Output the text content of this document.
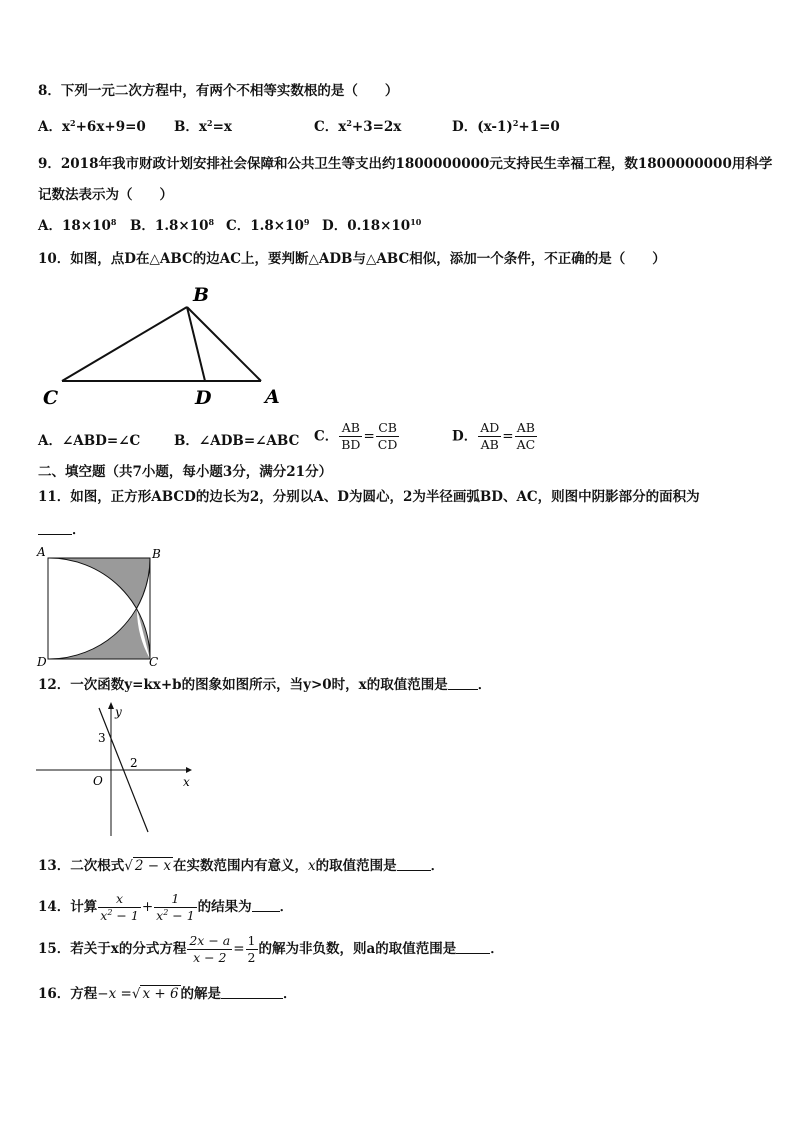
8．下列一元二次方程中，有两个不相等实数根的是（　　）
A．$x^2+6x+9=0$ B．$x^2=x$	C．$x^2+3=2x$	D．$(x-1)^2+1=0$
9．2018年我市财政计划安排社会保障和公共卫生等支出约1800000000元支持民生幸福工程，数1800000000用科学
记数法表示为（　　）
A．$18\times 10^8$ B．$1.8\times 10^8$ C．$1.8\times 10^9$ D．$0.18\times 10^{10}$
10．如图，点D在△ABC的边AC上，要判断△ADB与△ABC相似，添加一个条件，不正确的是（　　）
B
C	D	A
A．∠ABD=∠C	B．∠ADB=∠ABC C． $\frac{AB}{BD} = \frac{CB}{CD}$	D． $\frac{AD}{AB} = \frac{AB}{AC}$
二、填空题（共7小题，每小题3分，满分21分）
11．如图，正方形ABCD的边长为2，分别以A、D为圆心，2为半径画弧BD、AC，则图中阴影部分的面积为
．
A	B
C
D
12．一次函数y=kx+b的图象如图所示，当y>0时，x的取值范围是 ．
y
x
O
3
2
13．二次根式√ 2 − x 在实数范围内有意义，x的取值范围是	．
14．计算 $\frac{x}{x^2 - 1} + \frac{1}{x^2 - 1}$ 的结果为 ．
15．若关于x的分式方程 $\frac{2x - a}{x - 2} = \frac{1}{2}$ 的解为非负数，则a的取值范围是	．
16．方程−x =√ x + 6 的解是	．
